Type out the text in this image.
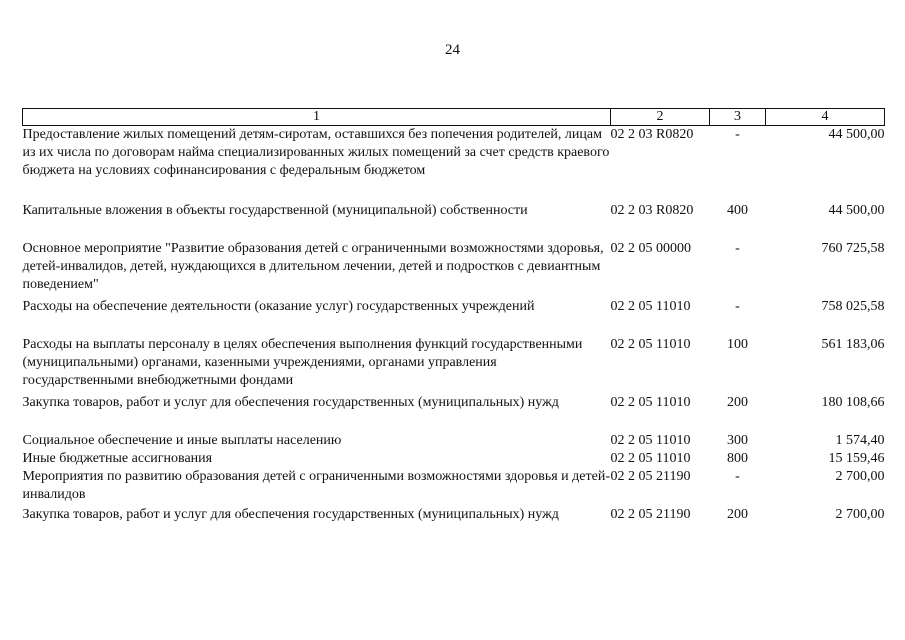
24
1	2	3	4
Предоставление жилых помещений детям-сиротам, оставшихся без попечения родителей, лицам из их числа по договорам найма специализированных жилых помещений за счет средств краевого бюджета на условиях софинансирования с федеральным бюджетом	02 2 03 R0820	-	44 500,00
Капитальные вложения в объекты государственной (муниципальной) собственности	02 2 03 R0820	400	44 500,00
Основное мероприятие "Развитие образования детей с ограниченными возможностями здоровья, детей-инвалидов, детей, нуждающихся в длительном лечении, детей и подростков с девиантным поведением"	02 2 05 00000	-	760 725,58
Расходы на обеспечение деятельности (оказание услуг) государственных учреждений	02 2 05 11010	-	758 025,58
Расходы на выплаты персоналу в целях обеспечения выполнения функций государственными (муниципальными) органами, казенными учреждениями, органами управления государственными внебюджетными фондами	02 2 05 11010	100	561 183,06
Закупка товаров, работ и услуг для обеспечения государственных (муниципальных) нужд	02 2 05 11010	200	180 108,66
Социальное обеспечение и иные выплаты населению	02 2 05 11010	300	1 574,40
Иные бюджетные ассигнования	02 2 05 11010	800	15 159,46
Мероприятия по развитию образования детей с ограниченными возможностями здоровья и детей-инвалидов	02 2 05 21190	-	2 700,00
Закупка товаров, работ и услуг для обеспечения государственных (муниципальных) нужд	02 2 05 21190	200	2 700,00
